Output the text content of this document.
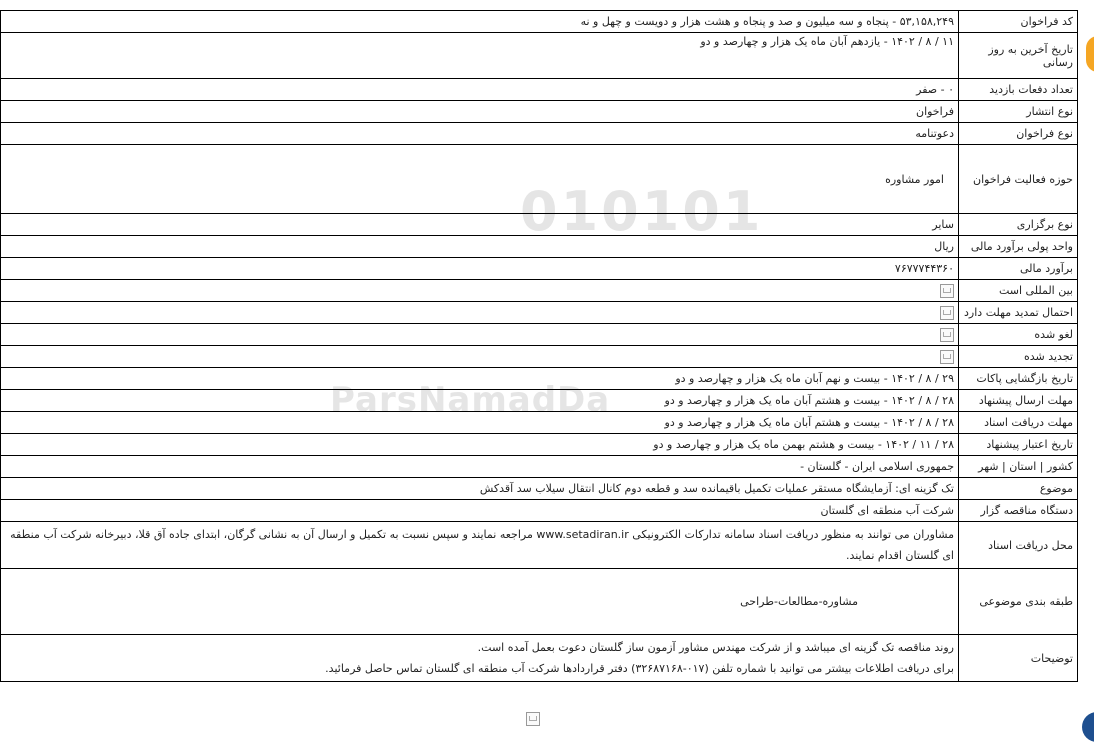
010101
ParsNamadDa
کد فراخوان	۵۳,۱۵۸,۲۴۹ - پنجاه و سه میلیون و صد و پنجاه و هشت هزار و دویست و چهل و نه
تاریخ آخرین به روز رسانی	۱۱ / ۸ / ۱۴۰۲ - یازدهم آبان ماه یک هزار و چهارصد و دو
تعداد دفعات بازدید	۰ - صفر
نوع انتشار	فراخوان
نوع فراخوان	دعوتنامه
حوزه فعالیت فراخوان	امور مشاوره
نوع برگزاری	سایر
واحد پولی برآورد مالی	ریال
برآورد مالی	۷۶۷۷۷۴۴۳۶۰
بین المللی است	
احتمال تمدید مهلت دارد	
لغو شده	
تجدید شده	
تاریخ بازگشایی پاکات	۲۹ / ۸ / ۱۴۰۲ - بیست و نهم آبان ماه یک هزار و چهارصد و دو
مهلت ارسال پیشنهاد	۲۸ / ۸ / ۱۴۰۲ - بیست و هشتم آبان ماه یک هزار و چهارصد و دو
مهلت دریافت اسناد	۲۸ / ۸ / ۱۴۰۲ - بیست و هشتم آبان ماه یک هزار و چهارصد و دو
تاریخ اعتبار پیشنهاد	۲۸ / ۱۱ / ۱۴۰۲ - بیست و هشتم بهمن ماه یک هزار و چهارصد و دو
کشور | استان | شهر	جمهوری اسلامی ایران - گلستان -
موضوع	تک گزینه ای: آزمایشگاه مستقر عملیات تکمیل باقیمانده سد و قطعه دوم کانال انتقال سیلاب سد آقدکش
دستگاه مناقصه گزار	شرکت آب منطقه ای گلستان
محل دریافت اسناد	مشاوران می توانند به منظور دریافت اسناد سامانه تدارکات الکترونیکی www.setadiran.ir مراجعه نمایند و سپس نسبت به تکمیل و ارسال آن به نشانی گرگان، ابتدای جاده آق قلا، دبیرخانه شرکت آب منطقه ای گلستان اقدام نمایند.
طبقه بندی موضوعی	مشاوره-مطالعات-طراحی
توضیحات	روند مناقصه تک گزینه ای میباشد و از شرکت مهندس مشاور آزمون ساز گلستان دعوت بعمل آمده است.
برای دریافت اطلاعات بیشتر می توانید با شماره تلفن (۰۱۷-۳۲۶۸۷۱۶۸) دفتر قراردادها شرکت آب منطقه ای گلستان تماس حاصل فرمائید.
